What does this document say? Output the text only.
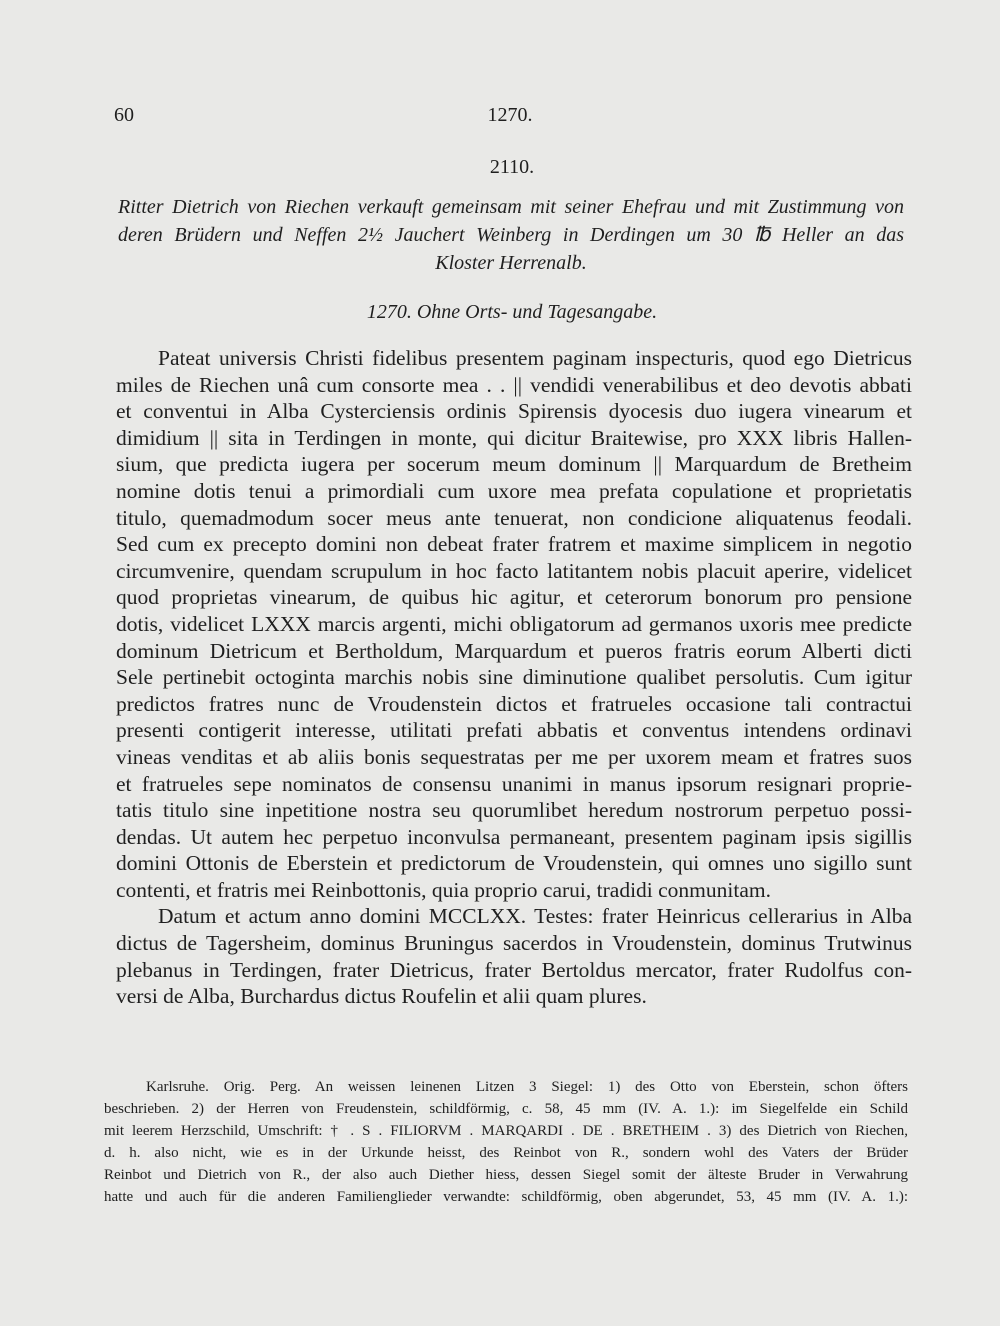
60	1270.
2110.
Ritter Dietrich von Riechen verkauft gemeinsam mit seiner Ehefrau und mit Zustimmung von
deren Brüdern und Neffen 2½ Jauchert Weinberg in Derdingen um 30 ℔ Heller an das
Kloster Herrenalb.
1270. Ohne Orts- und Tagesangabe.
Pateat universis Christi fidelibus presentem paginam inspecturis, quod ego Dietricus
miles de Riechen unâ cum consorte mea . . || vendidi venerabilibus et deo devotis abbati
et conventui in Alba Cysterciensis ordinis Spirensis dyocesis duo iugera vinearum et
dimidium || sita in Terdingen in monte, qui dicitur Braitewise, pro XXX libris Hallen-
sium, que predicta iugera per socerum meum dominum || Marquardum de Bretheim
nomine dotis tenui a primordiali cum uxore mea prefata copulatione et proprietatis
titulo, quemadmodum socer meus ante tenuerat, non condicione aliquatenus feodali.
Sed cum ex precepto domini non debeat frater fratrem et maxime simplicem in negotio
circumvenire, quendam scrupulum in hoc facto latitantem nobis placuit aperire, videlicet
quod proprietas vinearum, de quibus hic agitur, et ceterorum bonorum pro pensione
dotis, videlicet LXXX marcis argenti, michi obligatorum ad germanos uxoris mee predicte
dominum Dietricum et Bertholdum, Marquardum et pueros fratris eorum Alberti dicti
Sele pertinebit octoginta marchis nobis sine diminutione qualibet persolutis. Cum igitur
predictos fratres nunc de Vroudenstein dictos et fratrueles occasione tali contractui
presenti contigerit interesse, utilitati prefati abbatis et conventus intendens ordinavi
vineas venditas et ab aliis bonis sequestratas per me per uxorem meam et fratres suos
et fratrueles sepe nominatos de consensu unanimi in manus ipsorum resignari proprie-
tatis titulo sine inpetitione nostra seu quorumlibet heredum nostrorum perpetuo possi-
dendas. Ut autem hec perpetuo inconvulsa permaneant, presentem paginam ipsis sigillis
domini Ottonis de Eberstein et predictorum de Vroudenstein, qui omnes uno sigillo sunt
contenti, et fratris mei Reinbottonis, quia proprio carui, tradidi conmunitam.
Datum et actum anno domini MCCLXX. Testes: frater Heinricus cellerarius in Alba
dictus de Tagersheim, dominus Bruningus sacerdos in Vroudenstein, dominus Trutwinus
plebanus in Terdingen, frater Dietricus, frater Bertoldus mercator, frater Rudolfus con-
versi de Alba, Burchardus dictus Roufelin et alii quam plures.
Karlsruhe. Orig. Perg. An weissen leinenen Litzen 3 Siegel: 1) des Otto von Eberstein, schon öfters
beschrieben. 2) der Herren von Freudenstein, schildförmig, c. 58, 45 mm (IV. A. 1.): im Siegelfelde ein Schild
mit leerem Herzschild, Umschrift: † . S . FILIORVM . MARQARDI . DE . BRETHEIM . 3) des Dietrich von Riechen,
d. h. also nicht, wie es in der Urkunde heisst, des Reinbot von R., sondern wohl des Vaters der Brüder
Reinbot und Dietrich von R., der also auch Diether hiess, dessen Siegel somit der älteste Bruder in Verwahrung
hatte und auch für die anderen Familienglieder verwandte: schildförmig, oben abgerundet, 53, 45 mm (IV. A. 1.):
